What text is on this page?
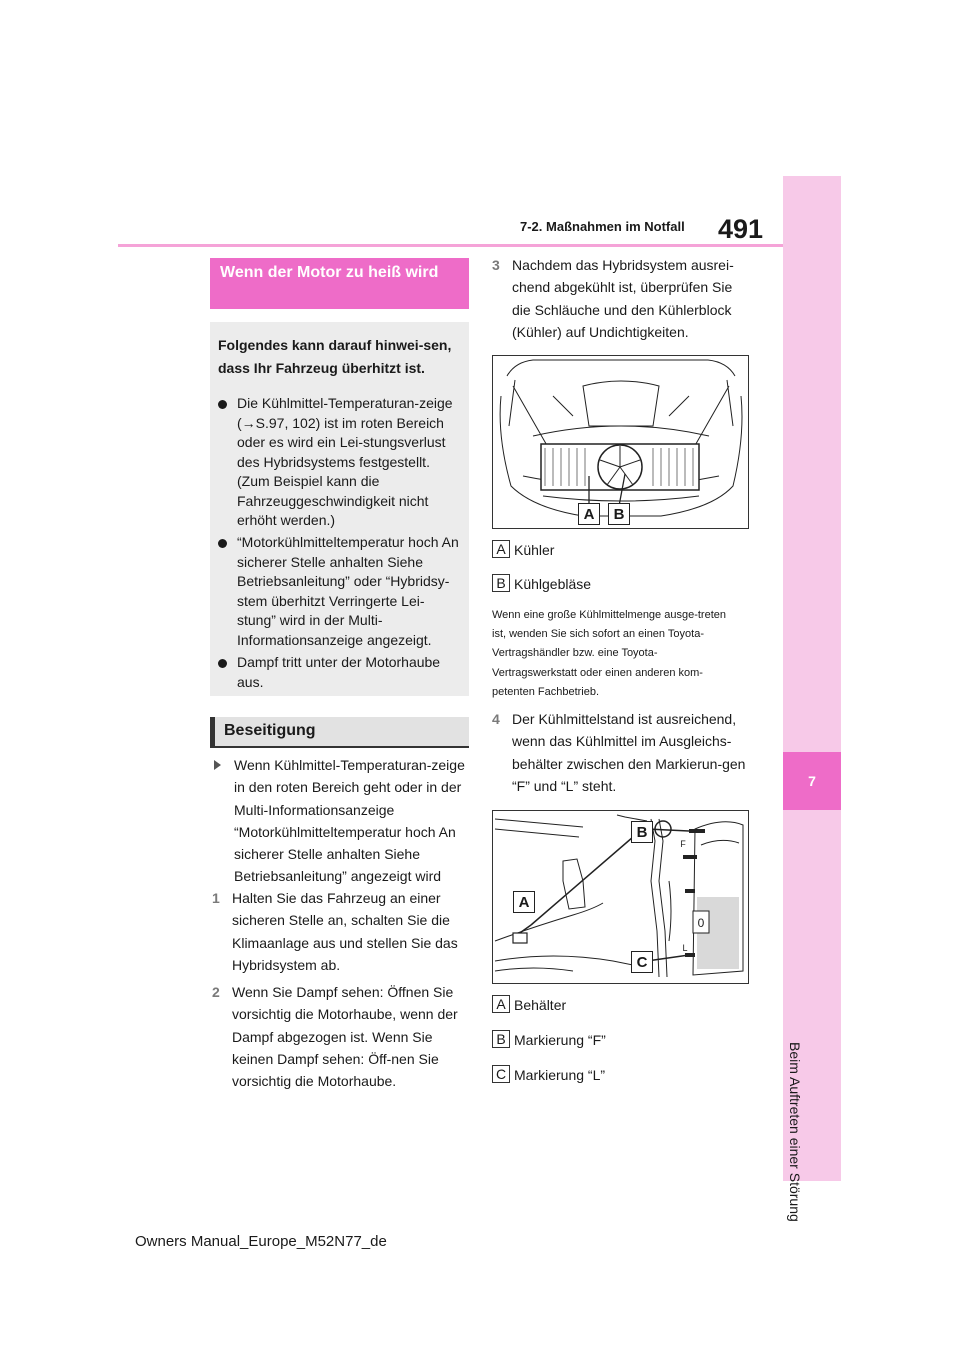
7-2. Maßnahmen im Notfall 491
7
Beim Auftreten einer Störung
Wenn der Motor zu heiß wird
Folgendes kann darauf hinwei-sen, dass Ihr Fahrzeug überhitzt ist.
Die Kühlmittel-Temperaturan-zeige (→S.97, 102) ist im roten Bereich oder es wird ein Lei-stungsverlust des Hybridsystems festgestellt. (Zum Beispiel kann die Fahrzeuggeschwindigkeit nicht erhöht werden.)
“Motorkühlmitteltemperatur hoch An sicherer Stelle anhalten Siehe Betriebsanleitung” oder “Hybridsy-stem überhitzt Verringerte Lei-stung” wird in der Multi-Informationsanzeige angezeigt.
Dampf tritt unter der Motorhaube aus.
Beseitigung
Wenn Kühlmittel-Temperaturan-zeige in den roten Bereich geht oder in der Multi-Informationsanzeige “Motorkühlmitteltemperatur hoch An sicherer Stelle anhalten Siehe Betriebsanleitung” angezeigt wird
1 Halten Sie das Fahrzeug an einer sicheren Stelle an, schalten Sie die Klimaanlage aus und stellen Sie das Hybridsystem ab.
2 Wenn Sie Dampf sehen: Öffnen Sie vorsichtig die Motorhaube, wenn der Dampf abgezogen ist. Wenn Sie keinen Dampf sehen: Öff-nen Sie vorsichtig die Motorhaube.
3 Nachdem das Hybridsystem ausrei-chend abgekühlt ist, überprüfen Sie die Schläuche und den Kühlerblock (Kühler) auf Undichtigkeiten.
A	B
A Kühler
B Kühlgebläse
Wenn eine große Kühlmittelmenge ausge-treten ist, wenden Sie sich sofort an einen Toyota-Vertragshändler bzw. eine Toyota-Vertragswerkstatt oder einen anderen kom-petenten Fachbetrieb.
4 Der Kühlmittelstand ist ausreichend, wenn das Kühlmittel im Ausgleichs-behälter zwischen den Markierun-gen “F” und “L” steht.
0
F
L
B
A
C
A Behälter
B Markierung “F”
C Markierung “L”
Owners Manual_Europe_M52N77_de
